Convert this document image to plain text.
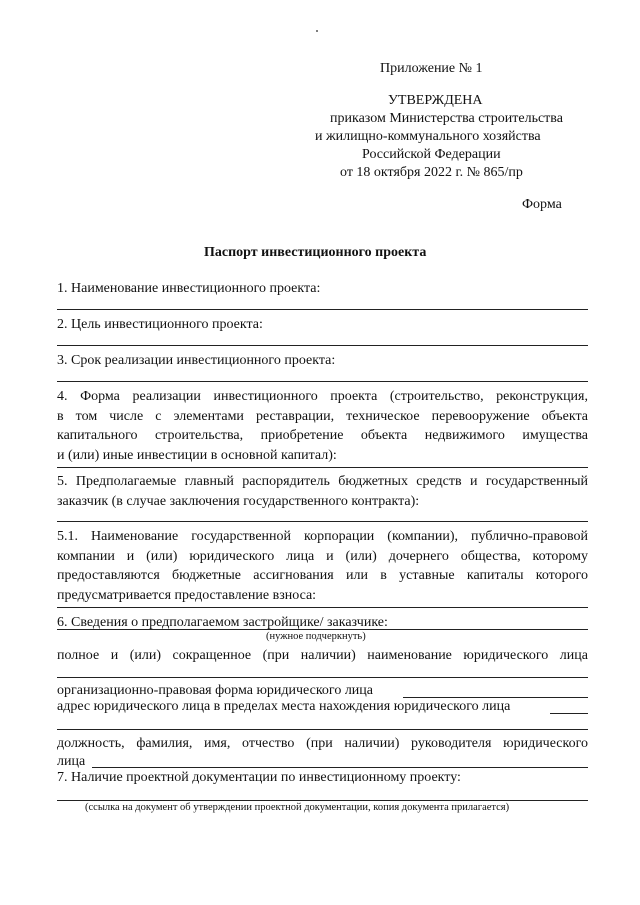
Приложение № 1
УТВЕРЖДЕНА
приказом Министерства строительства
и жилищно-коммунального хозяйства
Российской Федерации
от 18 октября 2022 г. № 865/пр
Форма
Паспорт инвестиционного проекта
1. Наименование инвестиционного проекта:
2. Цель инвестиционного проекта:
3. Срок реализации инвестиционного проекта:
4. Форма реализации инвестиционного проекта (строительство, реконструкция,
в том числе с элементами реставрации, техническое перевооружение объекта
капитального строительства, приобретение объекта недвижимого имущества
и (или) иные инвестиции в основной капитал):
5. Предполагаемые главный распорядитель бюджетных средств и государственный
заказчик (в случае заключения государственного контракта):
5.1. Наименование государственной корпорации (компании), публично-правовой
компании и (или) юридического лица и (или) дочернего общества, которому
предоставляются бюджетные ассигнования или в уставные капиталы которого
предусматривается предоставление взноса:
6. Сведения о предполагаемом застройщике/ заказчике:
(нужное подчеркнуть)
полное и (или) сокращенное (при наличии) наименование юридического лица
организационно-правовая форма юридического лица
адрес юридического лица в пределах места нахождения юридического лица
должность, фамилия, имя, отчество (при наличии) руководителя юридического
лица
7. Наличие проектной документации по инвестиционному проекту:
(ссылка на документ об утверждении проектной документации, копия документа прилагается)
